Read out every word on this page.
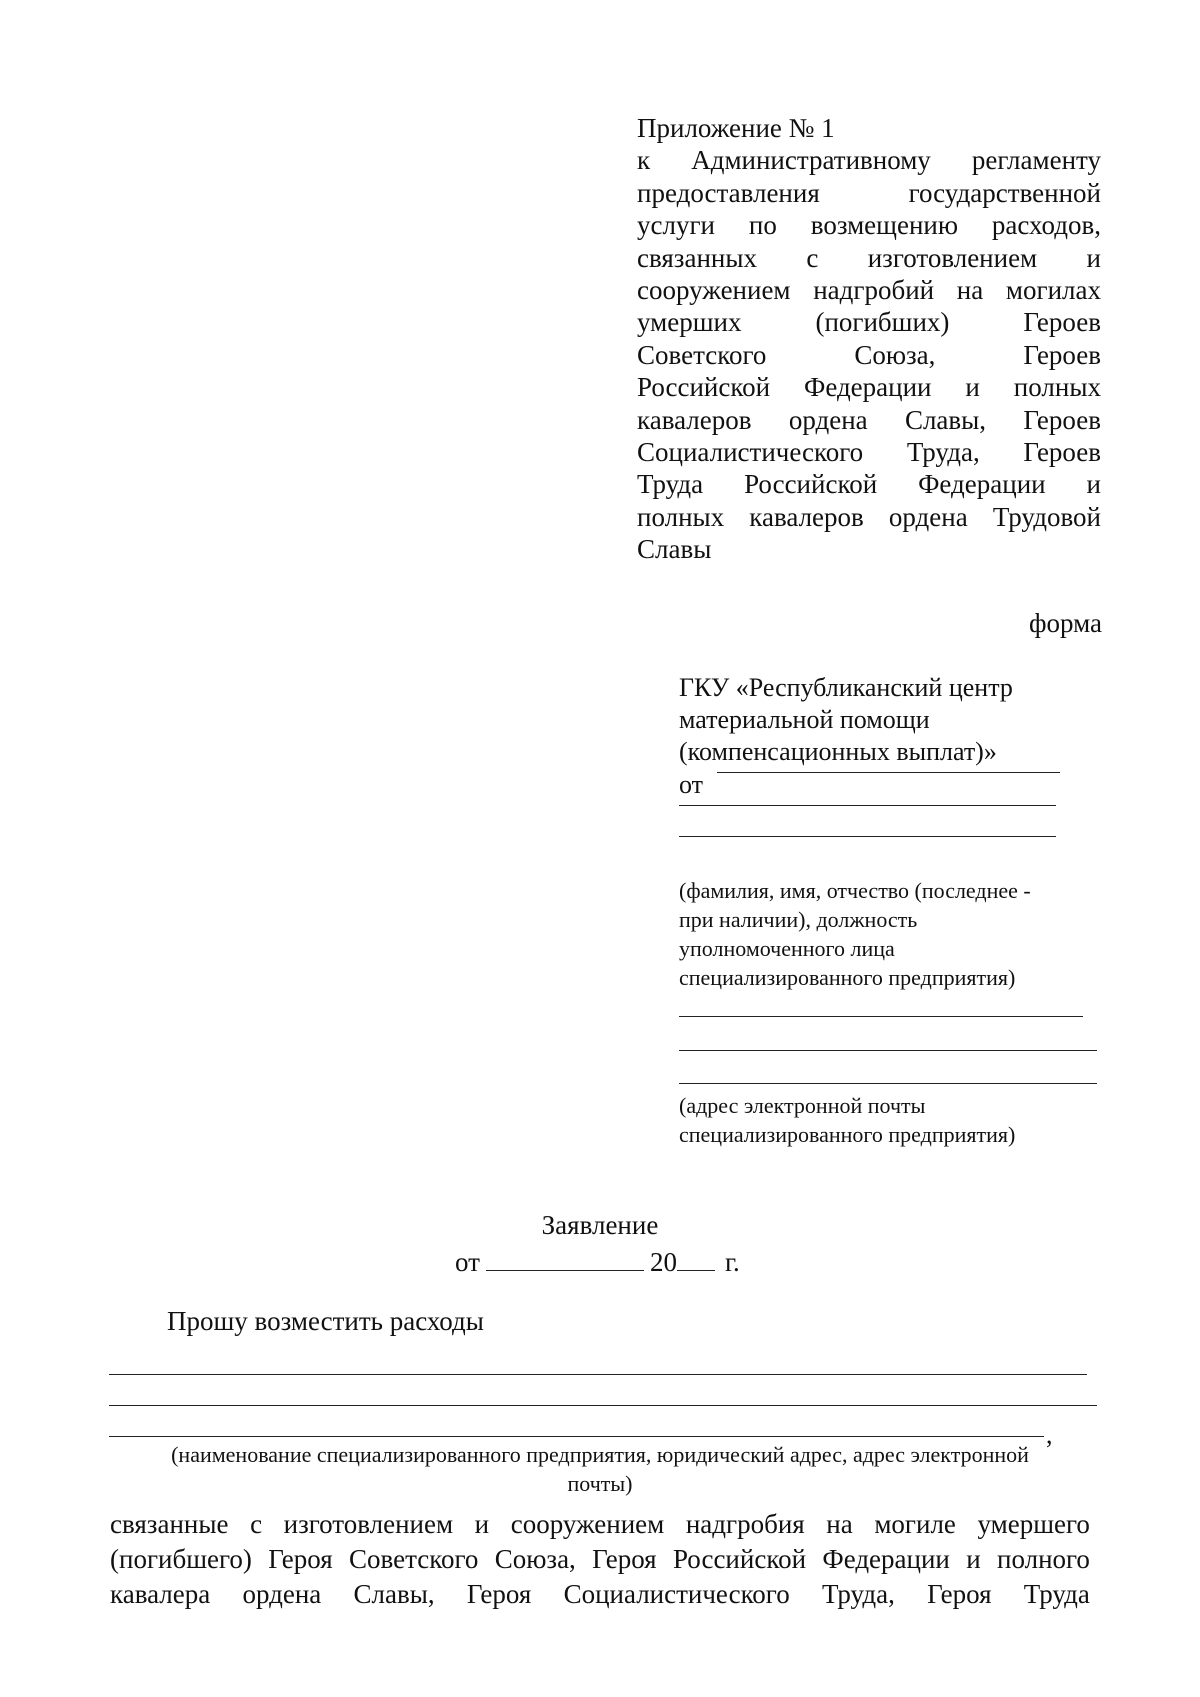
Приложение № 1
к Административному регламенту
предоставления	государственной
услуги по возмещению расходов,
связанных с изготовлением и
сооружением надгробий на могилах
умерших	(погибших)	Героев
Советского	Союза,	Героев
Российской Федерации и полных
кавалеров ордена Славы, Героев
Социалистического Труда, Героев
Труда Российской Федерации и
полных кавалеров ордена Трудовой
Славы
форма
ГКУ «Республиканский центр
материальной помощи
(компенсационных выплат)»
от
(фамилия, имя, отчество (последнее -
при наличии), должность
уполномоченного лица
специализированного предприятия)
(адрес электронной почты
специализированного предприятия)
Заявление
от	20 г.
Прошу возместить расходы
,
(наименование специализированного предприятия, юридический адрес, адрес электронной
почты)
связанные с изготовлением и сооружением надгробия на могиле умершего
(погибшего) Героя Советского Союза, Героя Российской Федерации и полного
кавалера ордена Славы, Героя Социалистического Труда, Героя Труда
